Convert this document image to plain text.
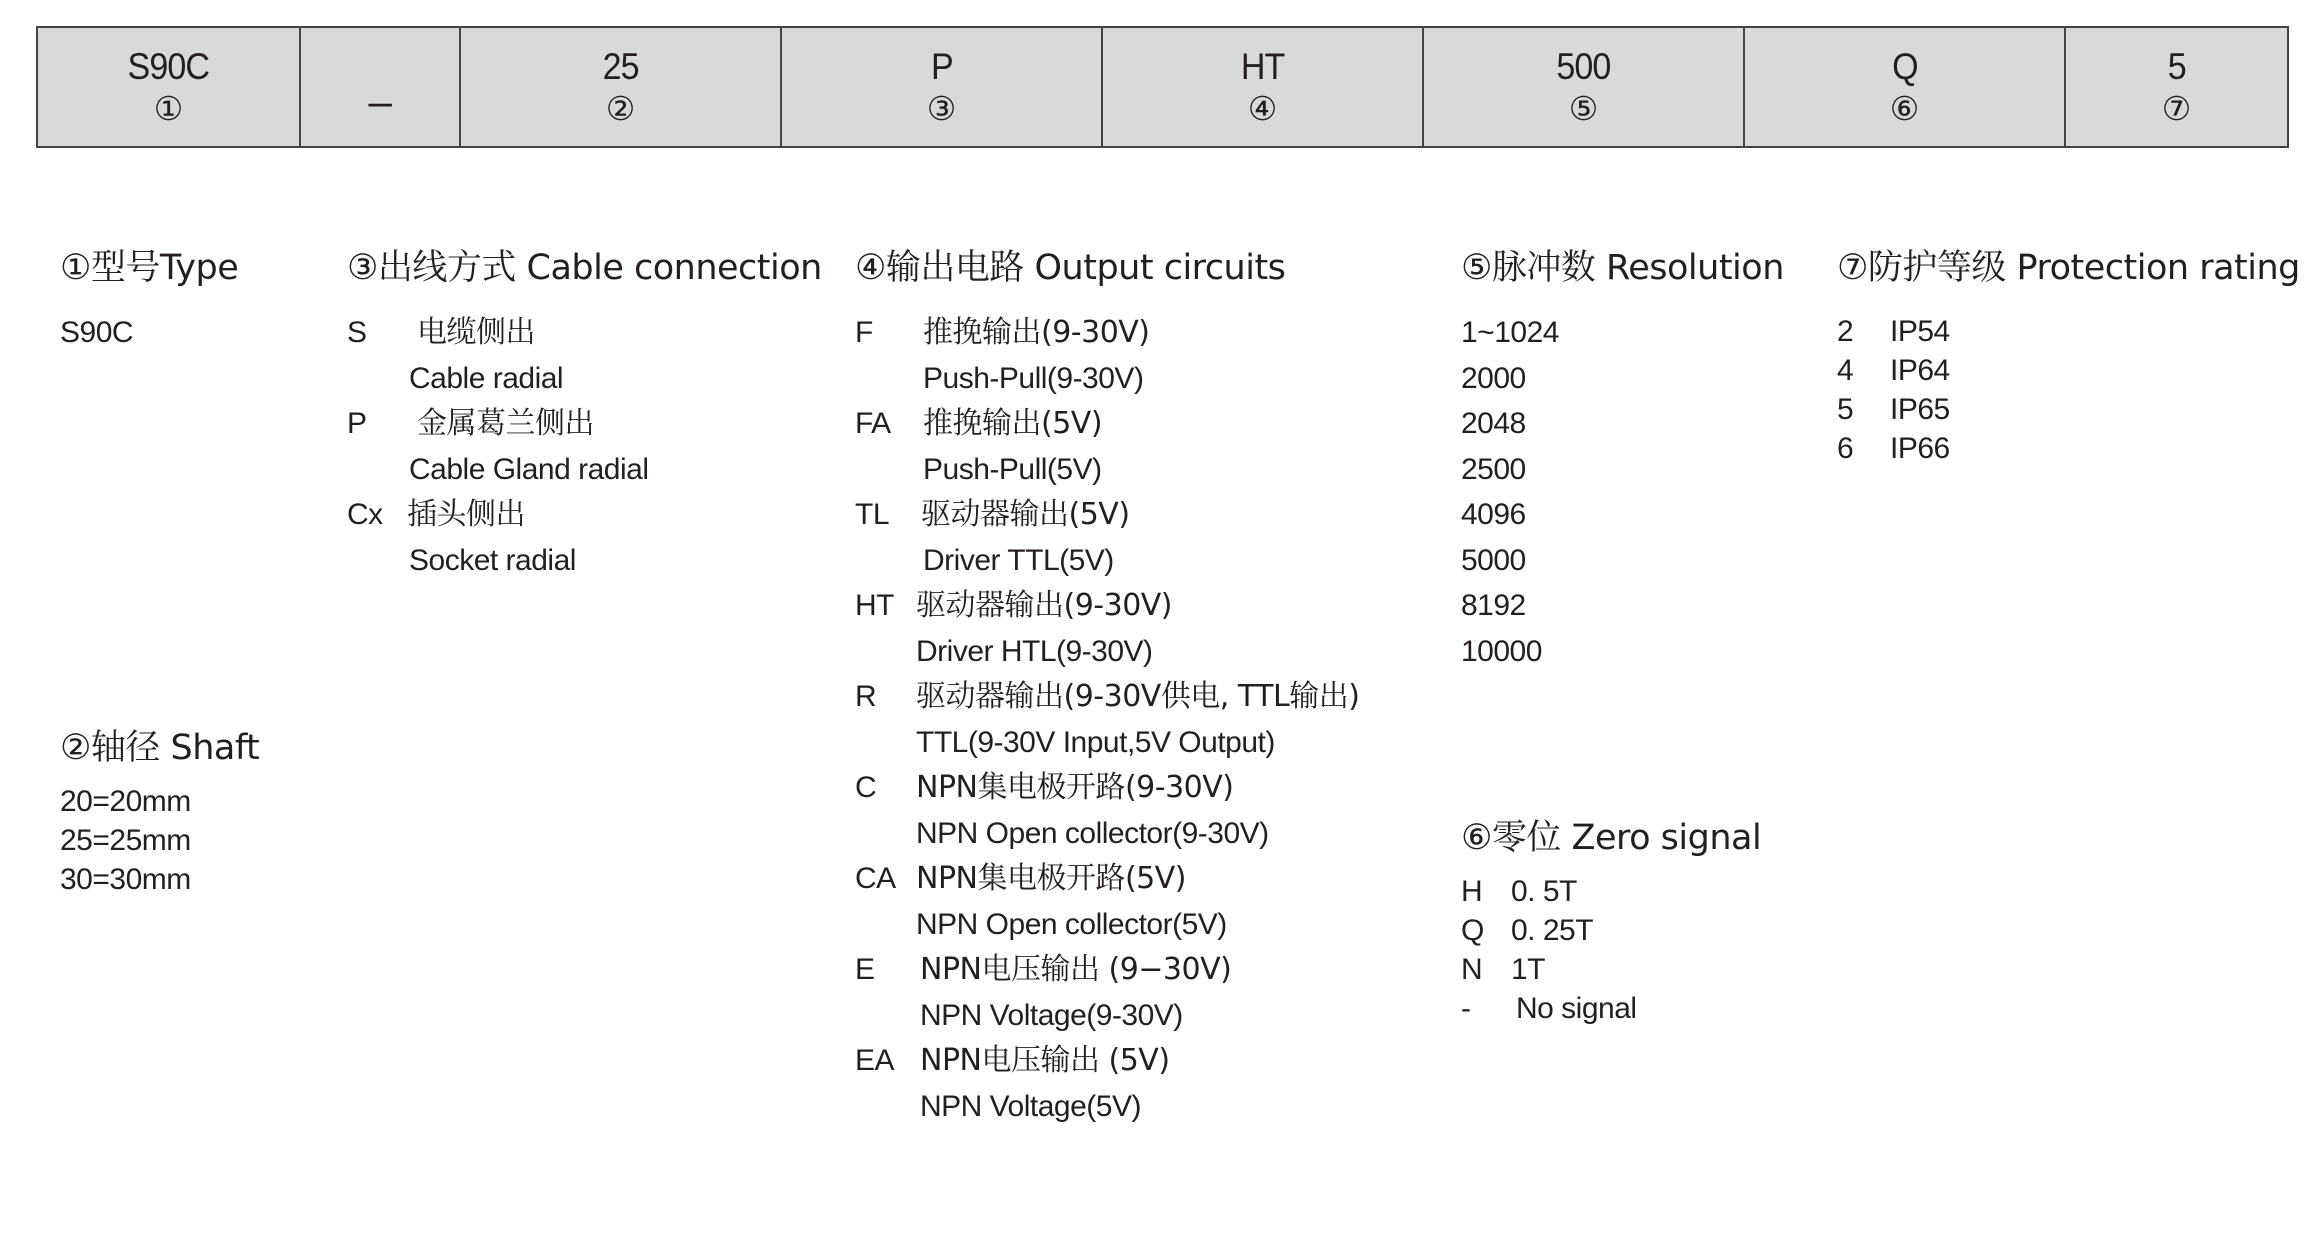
S90C
①
_	25
②
P
③
HT
④
500
⑤
Q
⑥
5
⑦
①型号Type
S90C
②轴径 Shaft
20=20mm
25=25mm
30=30mm
③出线方式 Cable connection
S 电缆侧出
Cable radial
P 金属葛兰侧出
Cable Gland radial
Cx 插头侧出
Socket radial
④输出电路 Output circuits
F 推挽输出(9-30V)
Push-Pull(9-30V)
FA 推挽输出(5V)
Push-Pull(5V)
TL 驱动器输出(5V)
Driver TTL(5V)
HT 驱动器输出(9-30V)
Driver HTL(9-30V)
R 驱动器输出(9-30V供电, TTL输出)
TTL(9-30V Input,5V Output)
C NPN集电极开路(9-30V)
NPN Open collector(9-30V)
CA NPN集电极开路(5V)
NPN Open collector(5V)
E NPN电压输出 (9−30V)
NPN Voltage(9-30V)
EA NPN电压输出 (5V)
NPN Voltage(5V)
⑤脉冲数 Resolution
1~1024
2000
2048
2500
4096
5000
8192
10000
⑥零位 Zero signal
H 0. 5T
Q 0. 25T
N 1T
- No signal
⑦防护等级 Protection rating
2 IP54
4 IP64
5 IP65
6 IP66
